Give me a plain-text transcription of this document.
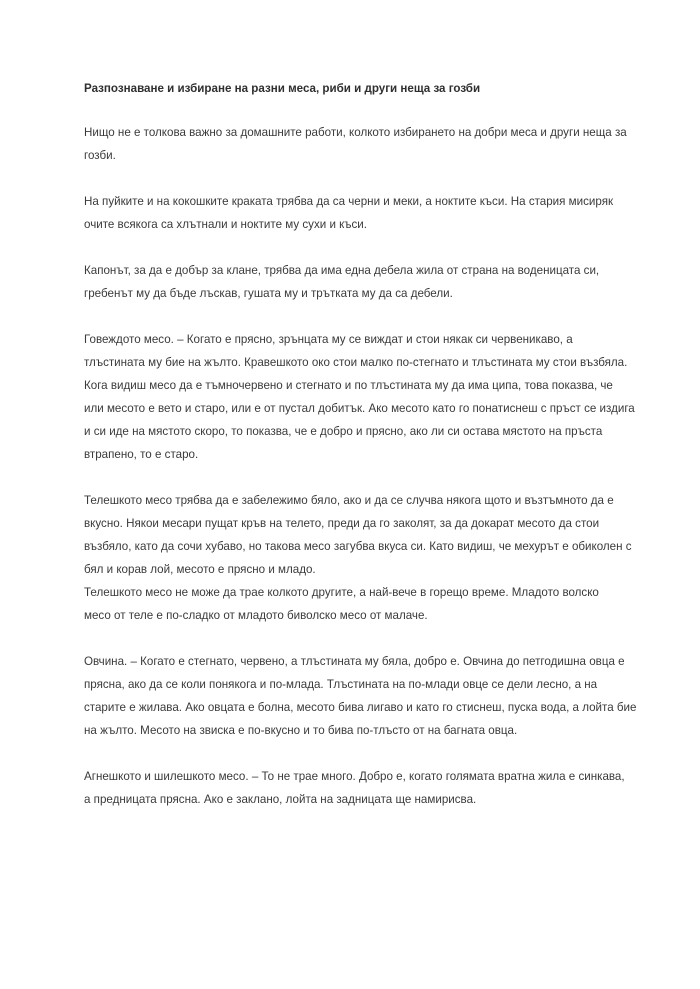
Разпознаване и избиране на разни меса, риби и други неща за гозби
Нищо не е толкова важно за домашните работи, колкото избирането на добри меса и други неща за
гозби.
На пуйките и на кокошките краката трябва да са черни и меки, а ноктите къси. На стария мисиряк
очите всякога са хлътнали и ноктите му сухи и къси.
Капонът, за да е добър за клане, трябва да има една дебела жила от страна на воденицата си,
гребенът му да бъде лъскав, гушата му и трътката му да са дебели.
Говеждото месо. – Когато е прясно, зрънцата му се виждат и стои някак си червеникаво, а
тлъстината му бие на жълто. Кравешкото око стои малко по-стегнато и тлъстината му стои възбяла.
Кога видиш месо да е тъмночервено и стегнато и по тлъстината му да има ципа, това показва, че
или месото е вето и старо, или е от пустал добитък. Ако месото като го понатиснеш с пръст се издига
и си иде на мястото скоро, то показва, че е добро и прясно, ако ли си остава мястото на пръста
втрапено, то е старо.
Телешкото месо трябва да е забележимо бяло, ако и да се случва някога щото и възтъмното да е
вкусно. Някои месари пущат кръв на телето, преди да го заколят, за да докарат месото да стои
възбяло, като да сочи хубаво, но такова месо загубва вкуса си. Като видиш, че мехурът е обиколен с
бял и корав лой, месото е прясно и младо.
Телешкото месо не може да трае колкото другите, а най-вече в горещо време. Младото волско
месо от теле е по-сладко от младото биволско месо от малаче.
Овчина. – Когато е стегнато, червено, а тлъстината му бяла, добро е. Овчина до петгодишна овца е
прясна, ако да се коли понякога и по-млада. Тлъстината на по-млади овце се дели лесно, а на
старите е жилава. Ако овцата е болна, месото бива лигаво и като го стиснеш, пуска вода, а лойта бие
на жълто. Месото на звиска е по-вкусно и то бива по-тлъсто от на багната овца.
Агнешкото и шилешкото месо. – То не трае много. Добро е, когато голямата вратна жила е синкава,
а предницата прясна. Ако е заклано, лойта на задницата ще намирисва.
